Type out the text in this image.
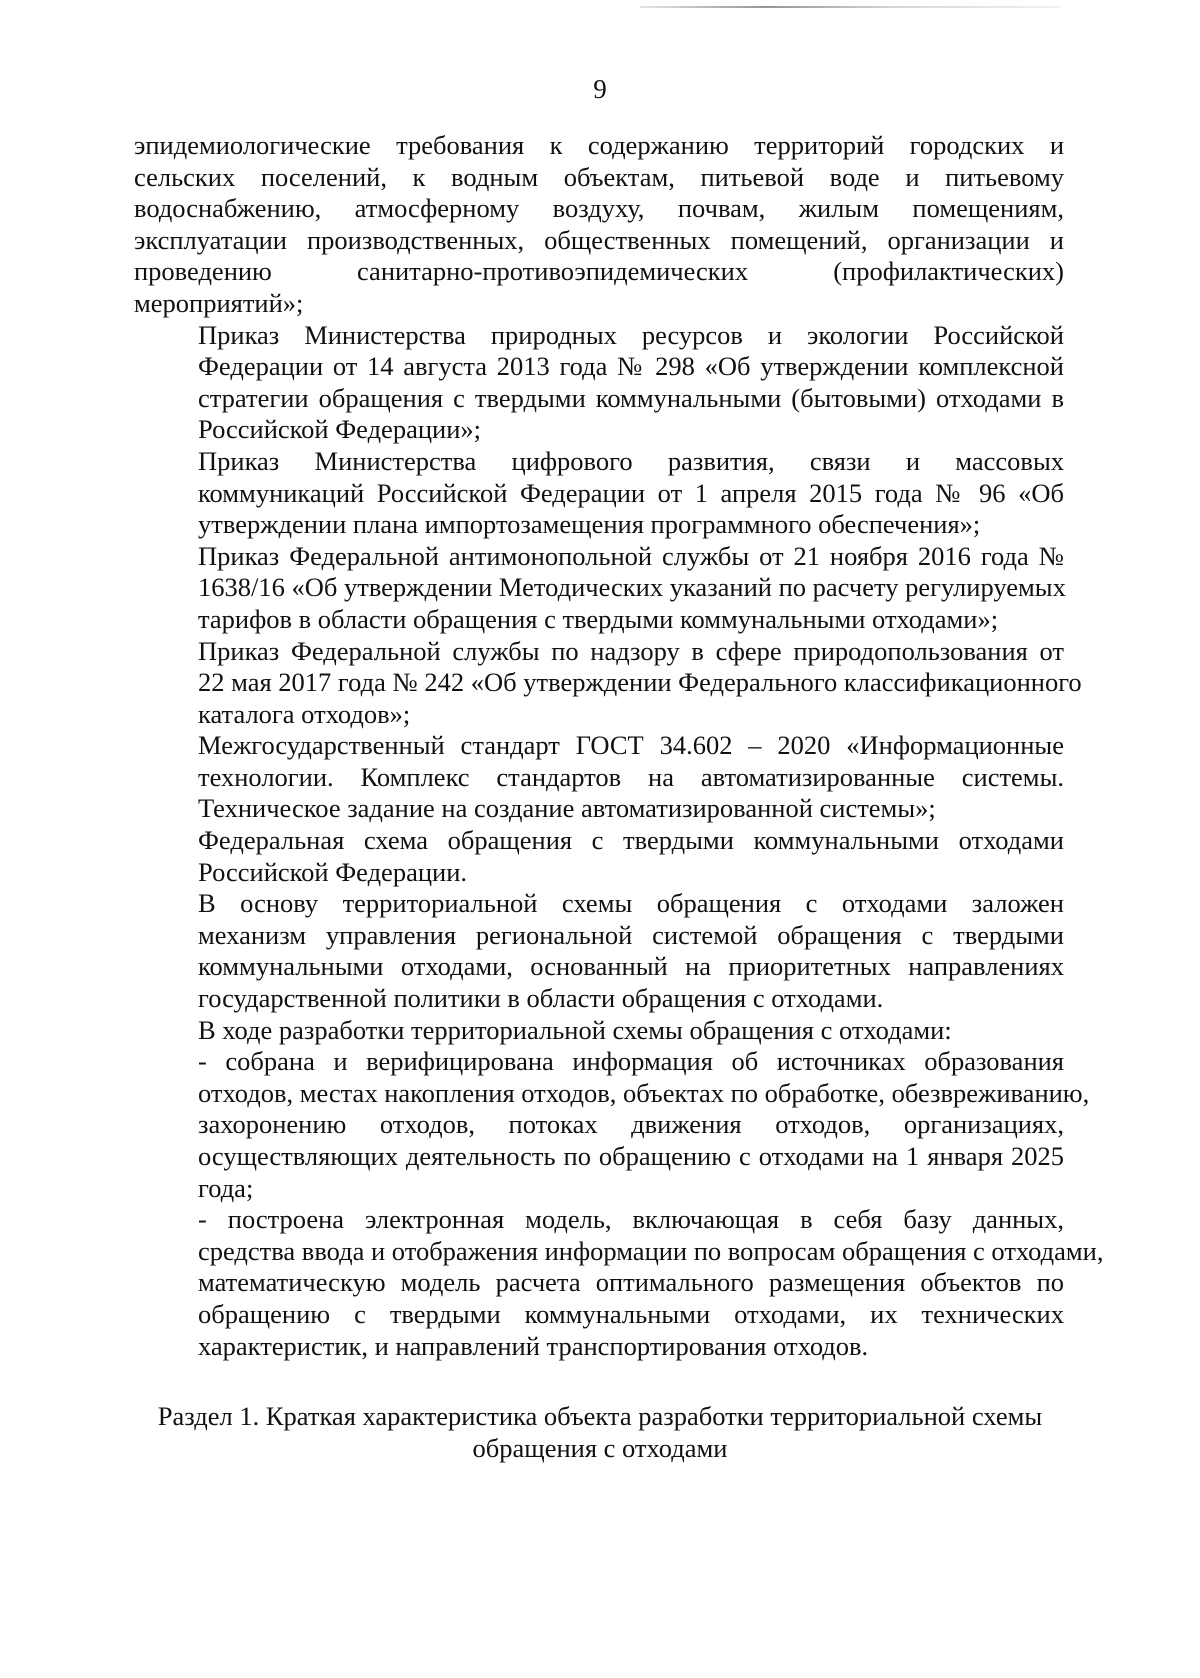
9
эпидемиологические требования к содержанию территорий городских и
сельских поселений, к водным объектам, питьевой воде и питьевому
водоснабжению, атмосферному воздуху, почвам, жилым помещениям,
эксплуатации производственных, общественных помещений, организации и
проведению санитарно-противоэпидемических (профилактических)
мероприятий»;
Приказ Министерства природных ресурсов и экологии Российской
Федерации от 14 августа 2013 года № 298 «Об утверждении комплексной
стратегии обращения с твердыми коммунальными (бытовыми) отходами в
Российской Федерации»;
Приказ Министерства цифрового развития, связи и массовых
коммуникаций Российской Федерации от 1 апреля 2015 года № 96 «Об
утверждении плана импортозамещения программного обеспечения»;
Приказ Федеральной антимонопольной службы от 21 ноября 2016 года №
1638/16 «Об утверждении Методических указаний по расчету регулируемых
тарифов в области обращения с твердыми коммунальными отходами»;
Приказ Федеральной службы по надзору в сфере природопользования от
22 мая 2017 года № 242 «Об утверждении Федерального классификационного
каталога отходов»;
Межгосударственный стандарт ГОСТ 34.602 – 2020 «Информационные
технологии. Комплекс стандартов на автоматизированные системы.
Техническое задание на создание автоматизированной системы»;
Федеральная схема обращения с твердыми коммунальными отходами
Российской Федерации.
В основу территориальной схемы обращения с отходами заложен
механизм управления региональной системой обращения с твердыми
коммунальными отходами, основанный на приоритетных направлениях
государственной политики в области обращения с отходами.
В ходе разработки территориальной схемы обращения с отходами:
- собрана и верифицирована информация об источниках образования
отходов, местах накопления отходов, объектах по обработке, обезвреживанию,
захоронению отходов, потоках движения отходов, организациях,
осуществляющих деятельность по обращению с отходами на 1 января 2025
года;
- построена электронная модель, включающая в себя базу данных,
средства ввода и отображения информации по вопросам обращения с отходами,
математическую модель расчета оптимального размещения объектов по
обращению с твердыми коммунальными отходами, их технических
характеристик, и направлений транспортирования отходов.
Раздел 1. Краткая характеристика объекта разработки территориальной схемы
обращения с отходами
